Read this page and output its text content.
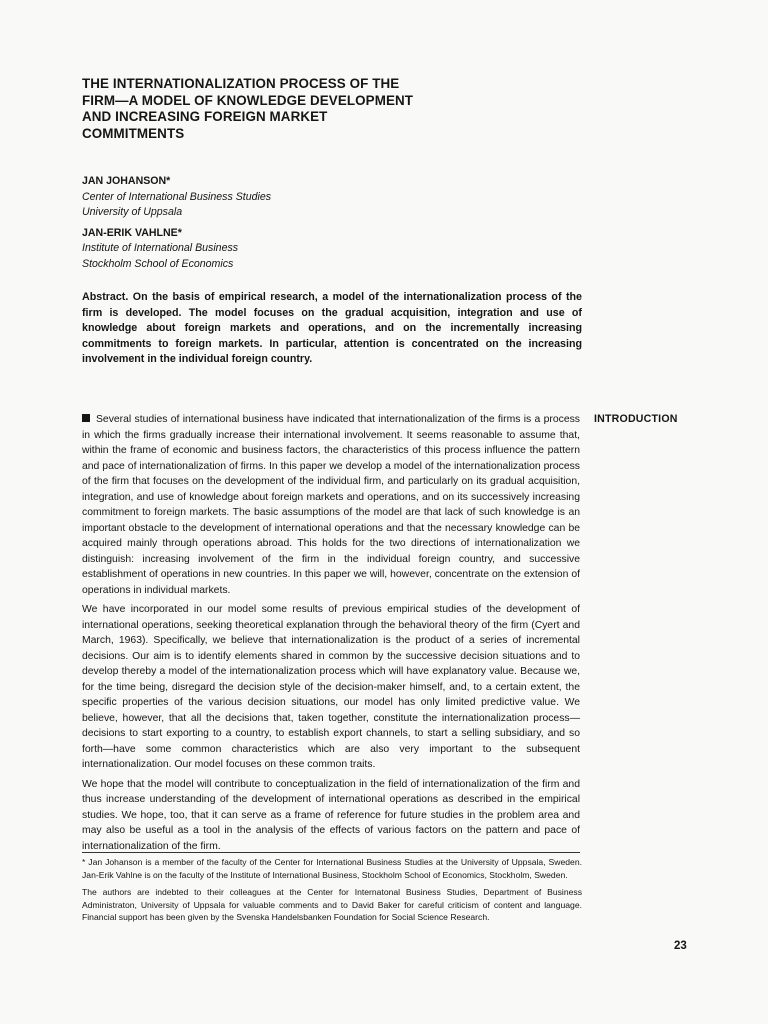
THE INTERNATIONALIZATION PROCESS OF THE
FIRM—A MODEL OF KNOWLEDGE DEVELOPMENT
AND INCREASING FOREIGN MARKET
COMMITMENTS
JAN JOHANSON*
Center of International Business Studies
University of Uppsala
JAN-ERIK VAHLNE*
Institute of International Business
Stockholm School of Economics

Abstract. On the basis of empirical research, a model of the internationalization process of the firm is developed. The model focuses on the gradual acquisition, integration and use of knowledge about foreign markets and operations, and on the incrementally increasing commitments to foreign markets. In particular, attention is concentrated on the increasing involvement in the individual foreign country.

INTRODUCTION

Several studies of international business have indicated that internationalization of the firms is a process in which the firms gradually increase their international involvement. It seems reasonable to assume that, within the frame of economic and business factors, the characteristics of this process influence the pattern and pace of internationalization of firms. In this paper we develop a model of the internationalization process of the firm that focuses on the development of the individual firm, and particularly on its gradual acquisition, integration, and use of knowledge about foreign markets and operations, and on its successively increasing commitment to foreign markets. The basic assumptions of the model are that lack of such knowledge is an important obstacle to the development of international operations and that the necessary knowledge can be acquired mainly through operations abroad. This holds for the two directions of internationalization we distinguish: increasing involvement of the firm in the individual foreign country, and successive establishment of operations in new countries. In this paper we will, however, concentrate on the extension of operations in individual markets.

We have incorporated in our model some results of previous empirical studies of the development of international operations, seeking theoretical explanation through the behavioral theory of the firm (Cyert and March, 1963). Specifically, we believe that internationalization is the product of a series of incremental decisions. Our aim is to identify elements shared in common by the successive decision situations and to develop thereby a model of the internationalization process which will have explanatory value. Because we, for the time being, disregard the decision style of the decision-maker himself, and, to a certain extent, the specific properties of the various decision situations, our model has only limited predictive value. We believe, however, that all the decisions that, taken together, constitute the internationalization process—decisions to start exporting to a country, to establish export channels, to start a selling subsidiary, and so forth—have some common characteristics which are also very important to the subsequent internationalization. Our model focuses on these common traits.

We hope that the model will contribute to conceptualization in the field of internationalization of the firm and thus increase understanding of the development of international operations as described in the empirical studies. We hope, too, that it can serve as a frame of reference for future studies in the problem area and may also be useful as a tool in the analysis of the effects of various factors on the pattern and pace of internationalization of the firm.

* Jan Johanson is a member of the faculty of the Center for International Business Studies at the University of Uppsala, Sweden. Jan-Erik Vahlne is on the faculty of the Institute of International Business, Stockholm School of Economics, Stockholm, Sweden.

The authors are indebted to their colleagues at the Center for Internatonal Business Studies, Department of Business Administraton, University of Uppsala for valuable comments and to David Baker for careful criticism of content and language. Financial support has been given by the Svenska Handelsbanken Foundation for Social Science Research.

23
